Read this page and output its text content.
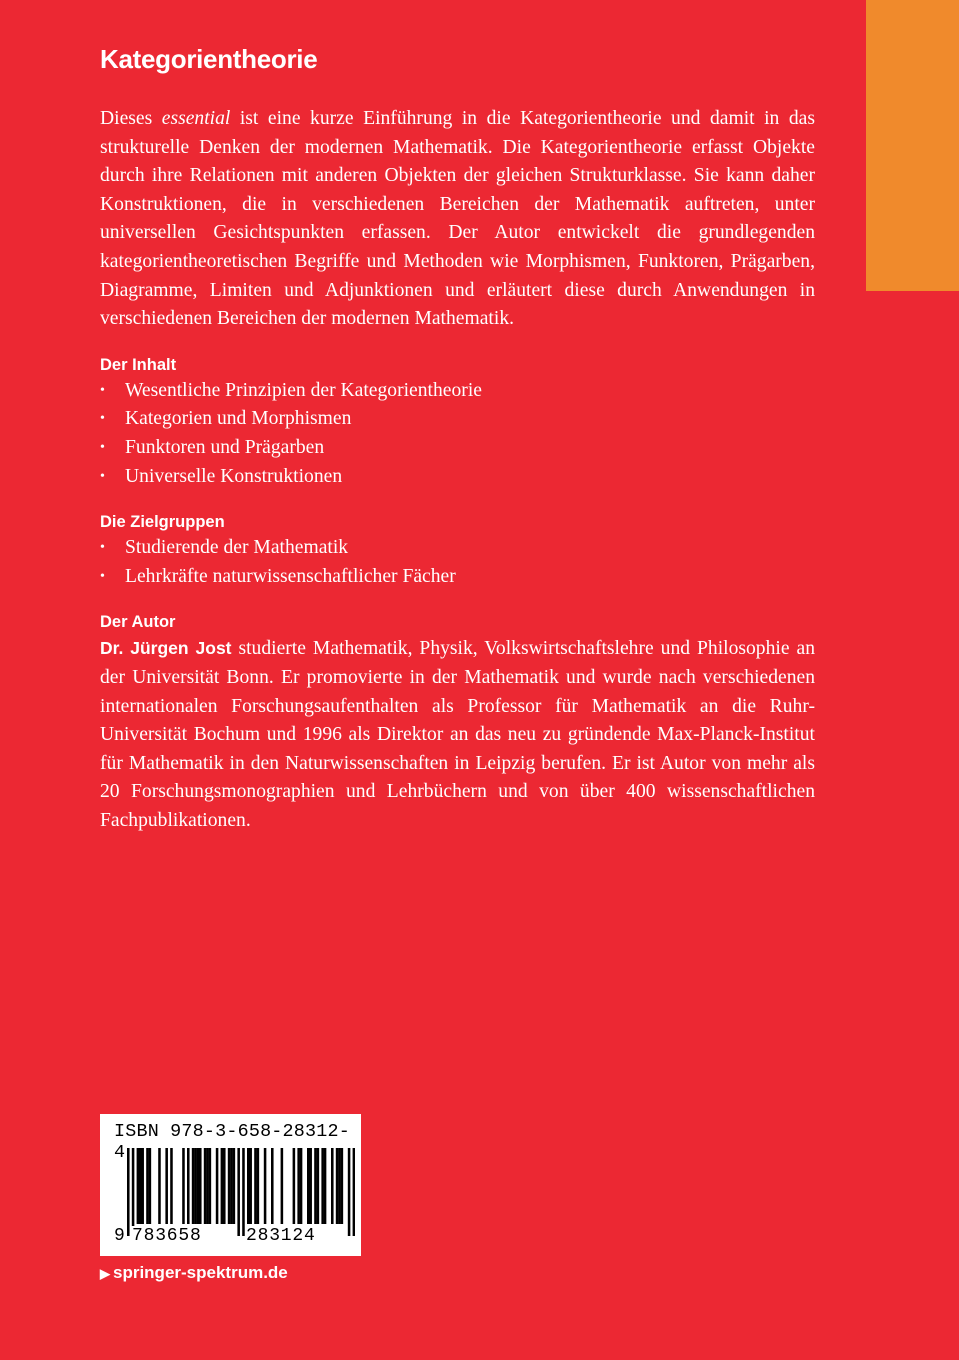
Kategorientheorie

Dieses essential ist eine kurze Einführung in die Kategorientheorie und damit in das strukturelle Denken der modernen Mathematik. Die Kategorientheorie erfasst Objekte durch ihre Relationen mit anderen Objekten der gleichen Strukturklasse. Sie kann daher Konstruktionen, die in verschiedenen Bereichen der Mathematik auftreten, unter universellen Gesichtspunkten erfassen. Der Autor entwickelt die grundlegenden kategorientheoretischen Begriffe und Methoden wie Morphismen, Funktoren, Prägarben, Diagramme, Limiten und Adjunktionen und erläutert diese durch Anwendungen in verschiedenen Bereichen der modernen Mathematik.

Der Inhalt
• Wesentliche Prinzipien der Kategorientheorie
• Kategorien und Morphismen
• Funktoren und Prägarben
• Universelle Konstruktionen
Die Zielgruppen
• Studierende der Mathematik
• Lehrkräfte naturwissenschaftlicher Fächer
Der Autor

Dr. Jürgen Jost studierte Mathematik, Physik, Volkswirtschaftslehre und Philosophie an der Universität Bonn. Er promovierte in der Mathematik und wurde nach verschiedenen internationalen Forschungsaufenthalten als Professor für Mathematik an die Ruhr-Universität Bochum und 1996 als Direktor an das neu zu gründende Max-Planck-Institut für Mathematik in den Naturwissenschaften in Leipzig berufen. Er ist Autor von mehr als 20 Forschungsmonographien und Lehrbüchern und von über 400 wissenschaftlichen Fachpublikationen.

ISBN 978-3-658-28312-4
9 783658 283124
▶ springer-spektrum.de
